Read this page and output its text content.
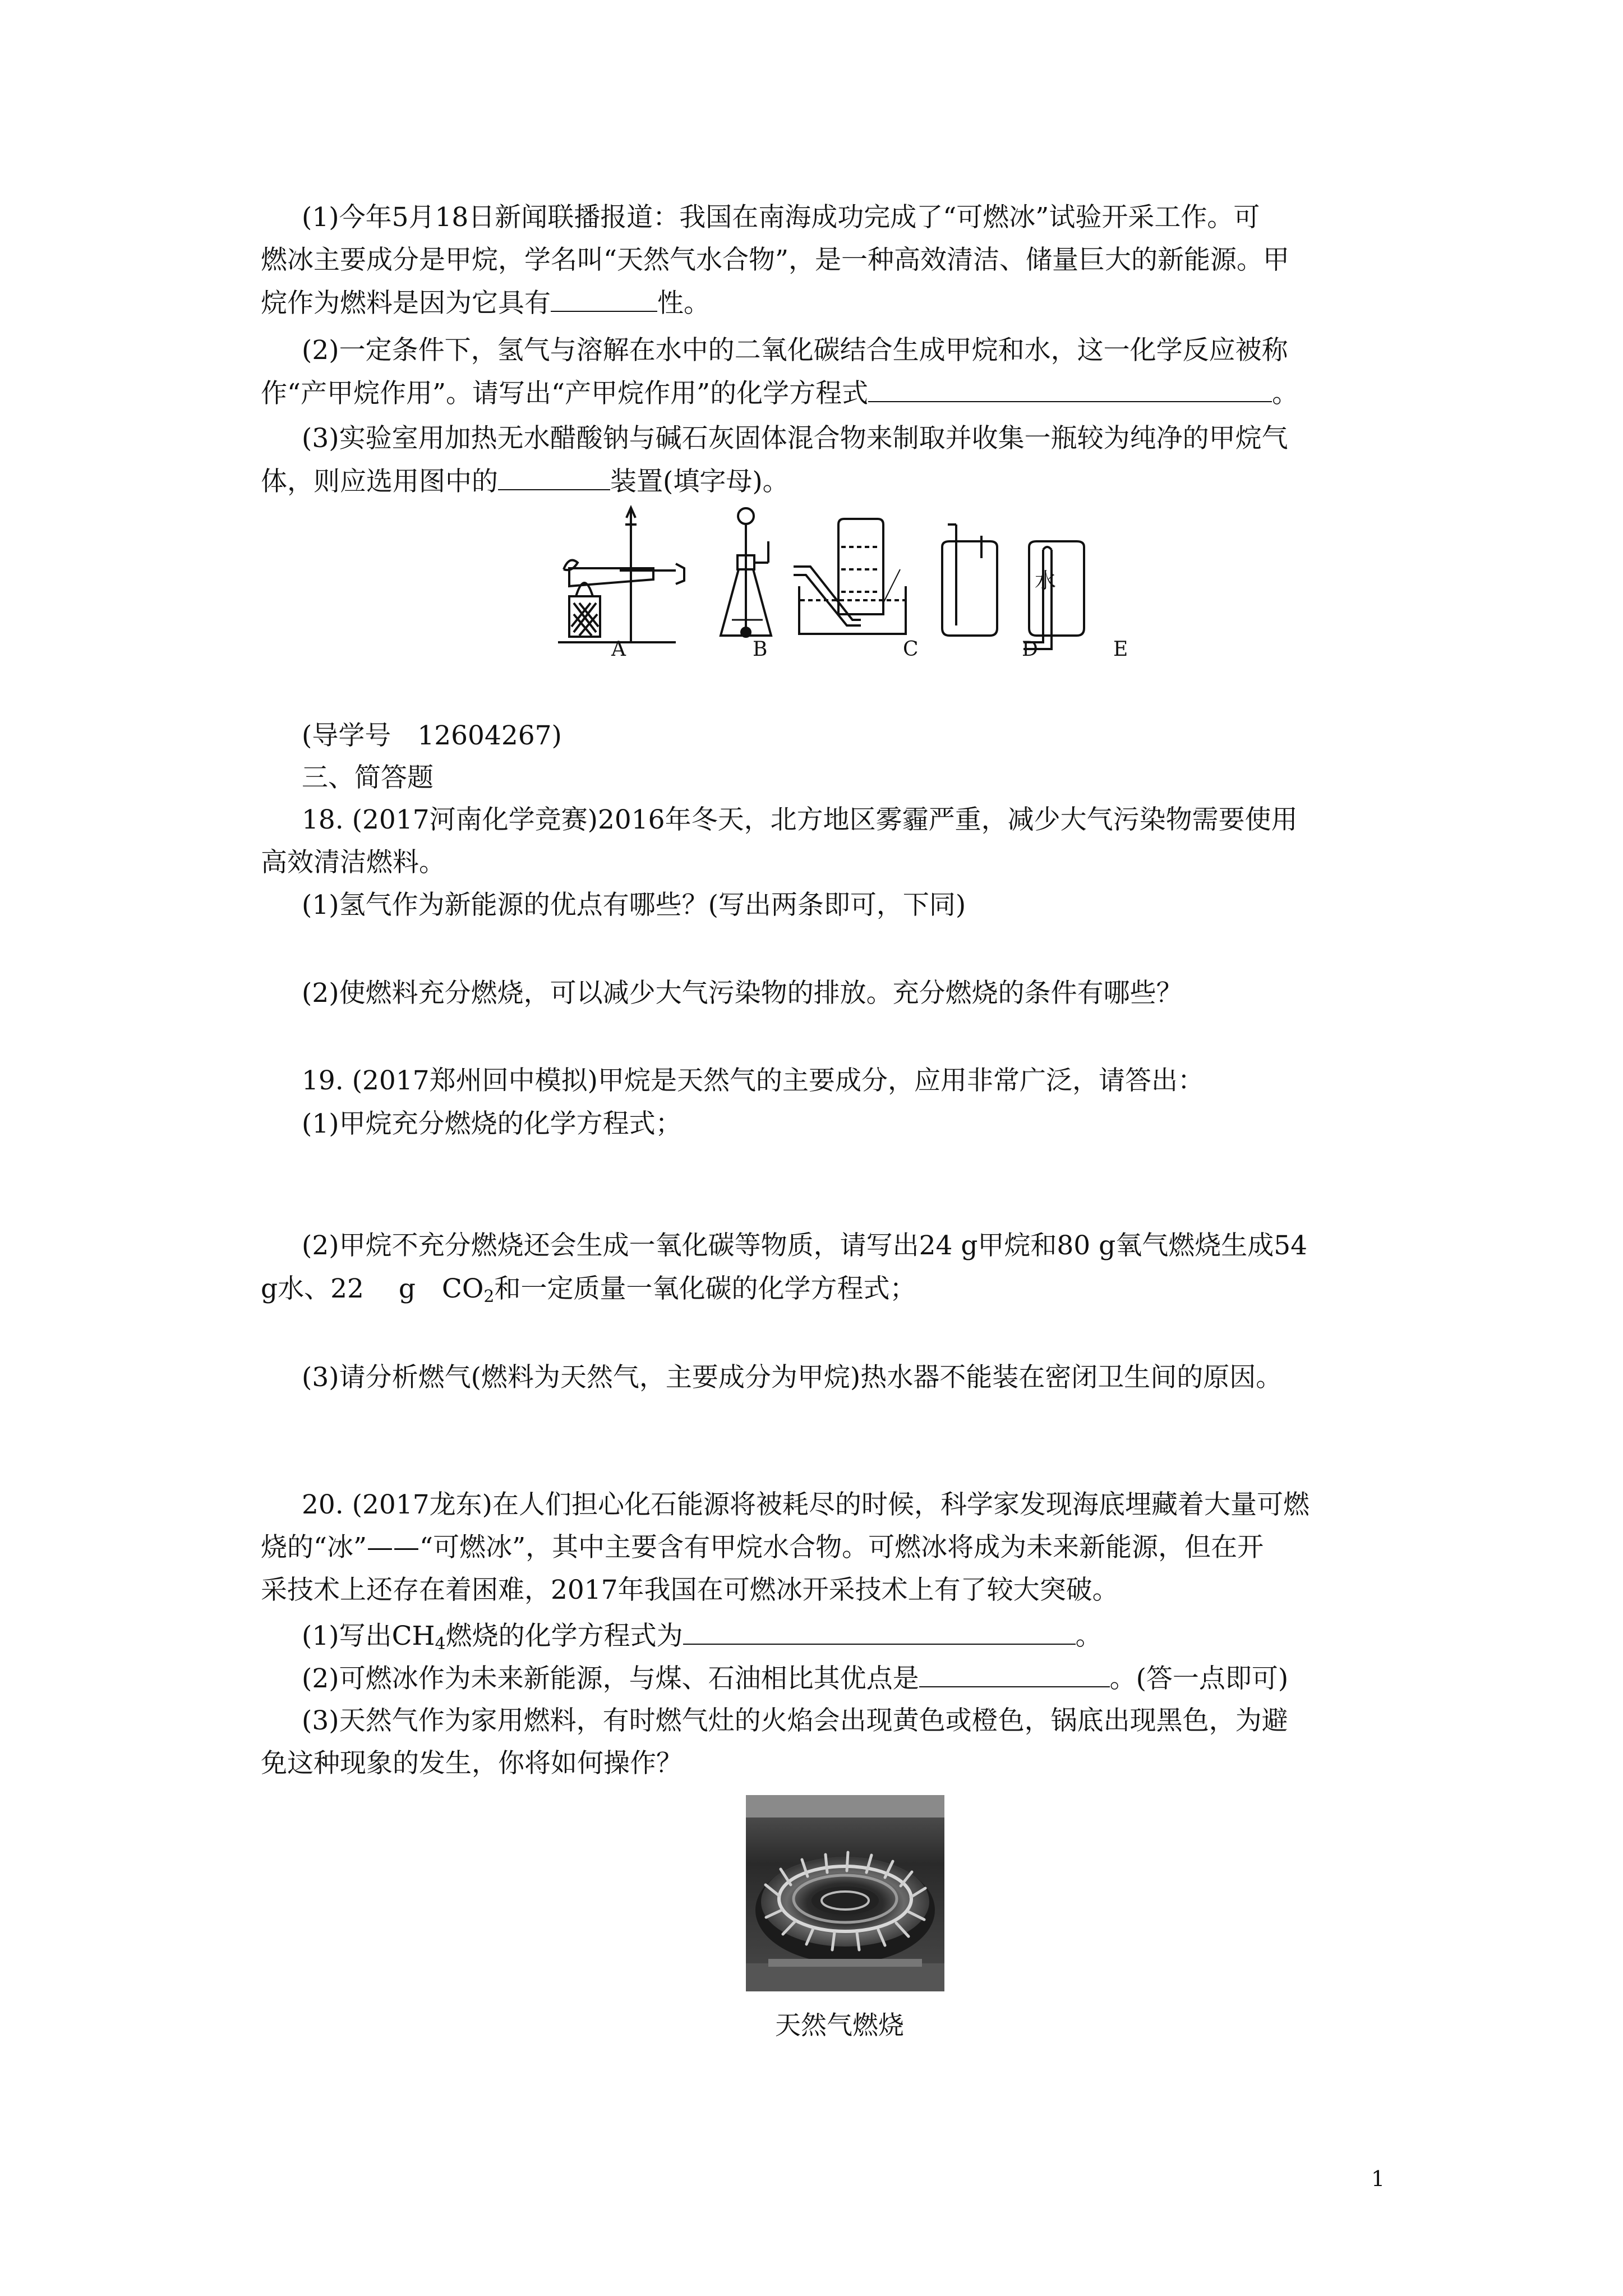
(1)今年5月18日新闻联播报道：我国在南海成功完成了“可燃冰”试验开采工作。可
燃冰主要成分是甲烷，学名叫“天然气水合物”，是一种高效清洁、储量巨大的新能源。甲
烷作为燃料是因为它具有	性。
(2)一定条件下，氢气与溶解在水中的二氧化碳结合生成甲烷和水，这一化学反应被称
作“产甲烷作用”。请写出“产甲烷作用”的化学方程式	。
(3)实验室用加热无水醋酸钠与碱石灰固体混合物来制取并收集一瓶较为纯净的甲烷气
体，则应选用图中的	装置(填字母)。
水
A	B	C	D	E
(导学号　12604267)
三、简答题
18. (2017河南化学竞赛)2016年冬天，北方地区雾霾严重，减少大气污染物需要使用
高效清洁燃料。
(1)氢气作为新能源的优点有哪些？(写出两条即可，下同)
(2)使燃料充分燃烧，可以减少大气污染物的排放。充分燃烧的条件有哪些？
19. (2017郑州回中模拟)甲烷是天然气的主要成分，应用非常广泛，请答出：
(1)甲烷充分燃烧的化学方程式；
(2)甲烷不充分燃烧还会生成一氧化碳等物质，请写出24 g甲烷和80 g氧气燃烧生成54
g水、22　 g　$CO_2$和一定质量一氧化碳的化学方程式；
(3)请分析燃气(燃料为天然气，主要成分为甲烷)热水器不能装在密闭卫生间的原因。
20. (2017龙东)在人们担心化石能源将被耗尽的时候，科学家发现海底埋藏着大量可燃
烧的“冰”——“可燃冰”，其中主要含有甲烷水合物。可燃冰将成为未来新能源，但在开
采技术上还存在着困难，2017年我国在可燃冰开采技术上有了较大突破。
(1)写出$CH_4$燃烧的化学方程式为	。
(2)可燃冰作为未来新能源，与煤、石油相比其优点是	。(答一点即可)
(3)天然气作为家用燃料，有时燃气灶的火焰会出现黄色或橙色，锅底出现黑色，为避
免这种现象的发生，你将如何操作？
天然气燃烧
1
